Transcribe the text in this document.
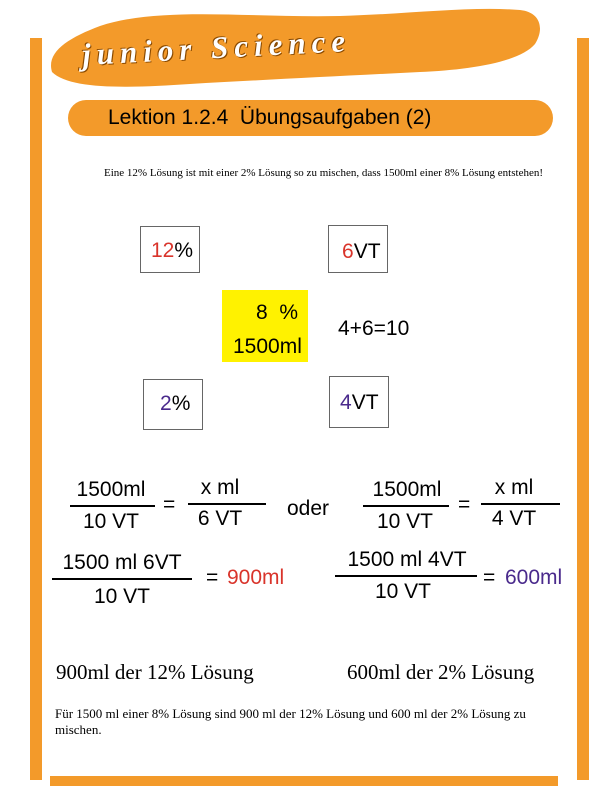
junior Science
Lektion 1.2.4  Übungsaufgaben (2)
Eine 12% Lösung ist mit einer 2% Lösung so zu mischen, dass 1500ml einer 8% Lösung entstehen!
12%	6VT
8  %
1500ml
4+6=10
2%	4VT
1500ml
10 VT
=
x ml
6 VT	oder
1500ml
10 VT
=
x ml
4 VT
1500 ml 6VT
10 VT
= 900ml
1500 ml 4VT
10 VT
= 600ml
900ml der 12% Lösung	600ml der 2% Lösung
Für 1500 ml einer 8% Lösung sind 900 ml der 12% Lösung und 600 ml der 2% Lösung zu mischen.
